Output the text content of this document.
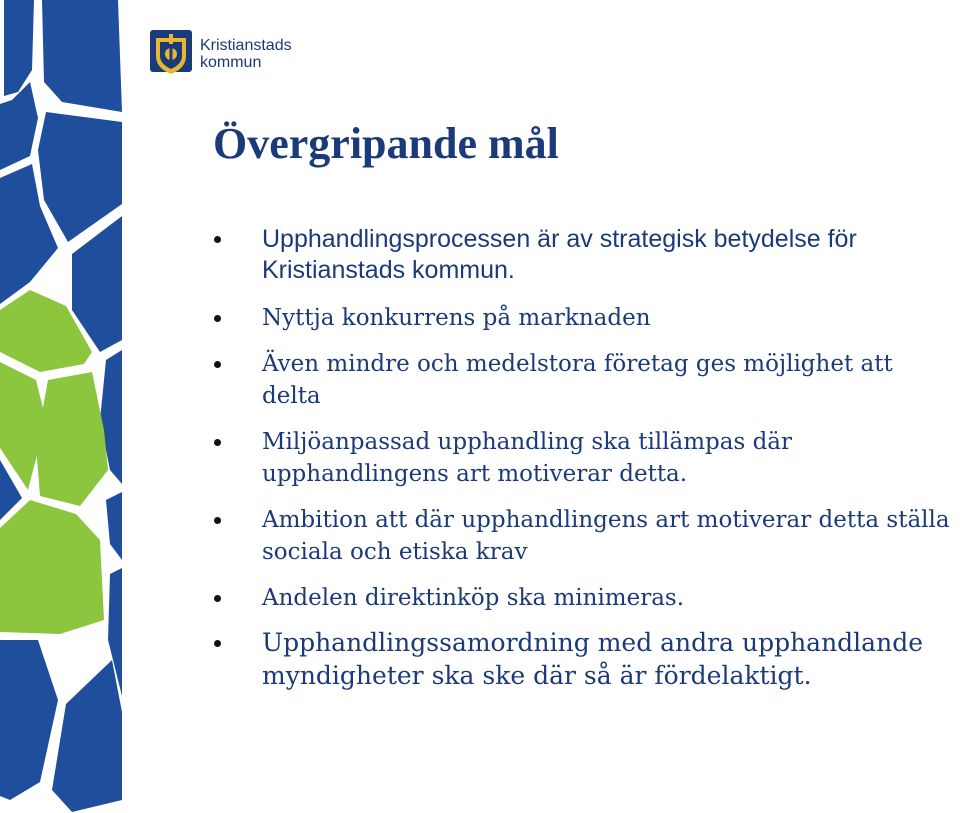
Kristianstads
kommun
Övergripande mål
Upphandlingsprocessen är av strategisk betydelse för Kristianstads kommun.
Nyttja konkurrens på marknaden
Även mindre och medelstora företag ges möjlighet att delta
Miljöanpassad upphandling ska tillämpas där upphandlingens art motiverar detta.
Ambition att där upphandlingens art motiverar detta ställa sociala och etiska krav
Andelen direktinköp ska minimeras.
Upphandlingssamordning med andra upphandlande myndigheter ska ske där så är fördelaktigt.
